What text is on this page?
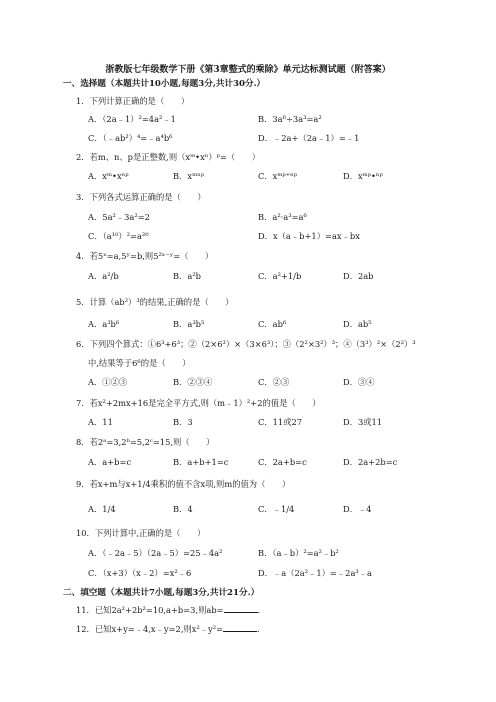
浙教版七年级数学下册《第3章整式的乘除》单元达标测试题（附答案）
一、选择题（本题共计10小题,每题3分,共计30分.）
1．下列计算正确的是（　　）
A．（2a﹣1）²=4a²﹣1	B．3a⁶÷3a³=a²
C．（﹣ab²）⁴=﹣a⁴b⁶	D．﹣2a+（2a﹣1）=﹣1
2．若m、n、p是正整数,则（xᵐ•xⁿ）ᵖ=（　　）
A．xᵐ•xⁿᵖ	B．xᵐⁿᵖ	C．xᵐᵖ⁺ⁿᵖ	D．xᵐᵖ•ⁿᵖ
3．下列各式运算正确的是（　　）
A．5a²﹣3a²=2	B．a²·a³=a⁶
C．（a¹⁰）²=a²⁰	D．x（a﹣b+1）=ax﹣bx
4．若5ˣ=a,5ʸ=b,则5²ˣ⁻ʸ=（　　）
A．a²/b	B．a²b	C．a²+1/b	D．2ab
5．计算（ab²）³的结果,正确的是（　　）
A．a³b⁶	B．a³b⁵	C．ab⁶	D．ab⁵
6．下列四个算式：①6³+6³；②（2×6³）×（3×6³）；③（2²×3²）³；④（3³）²×（2²）³
中,结果等于6⁶的是（　　）
A．①②③	B．②③④	C．②③	D．③④
7．若x²+2mx+16是完全平方式,则（m﹣1）²+2的值是（　　）
A．11	B．3	C．11或27	D．3或11
8．若2ᵃ=3,2ᵇ=5,2ᶜ=15,则（　　）
A．a+b=c	B．a+b+1=c	C．2a+b=c	D．2a+2b=c
9．若x+m与x+1/4乘积的值不含x项,则m的值为（　　）
A．1/4	B．4	C．﹣1/4	D．﹣4
10．下列计算中,正确的是（　　）
A．（﹣2a﹣5）（2a﹣5）=25﹣4a²	B．（a﹣b）²=a²﹣b²
C．（x+3）（x﹣2）=x²﹣6	D．﹣a（2a²﹣1）=﹣2a³﹣a
二、填空题（本题共计7小题,每题3分,共计21分.）
11．已知2a²+2b²=10,a+b=3,则ab=	．
12．已知x+y=﹣4,x﹣y=2,则x²﹣y²=	．
